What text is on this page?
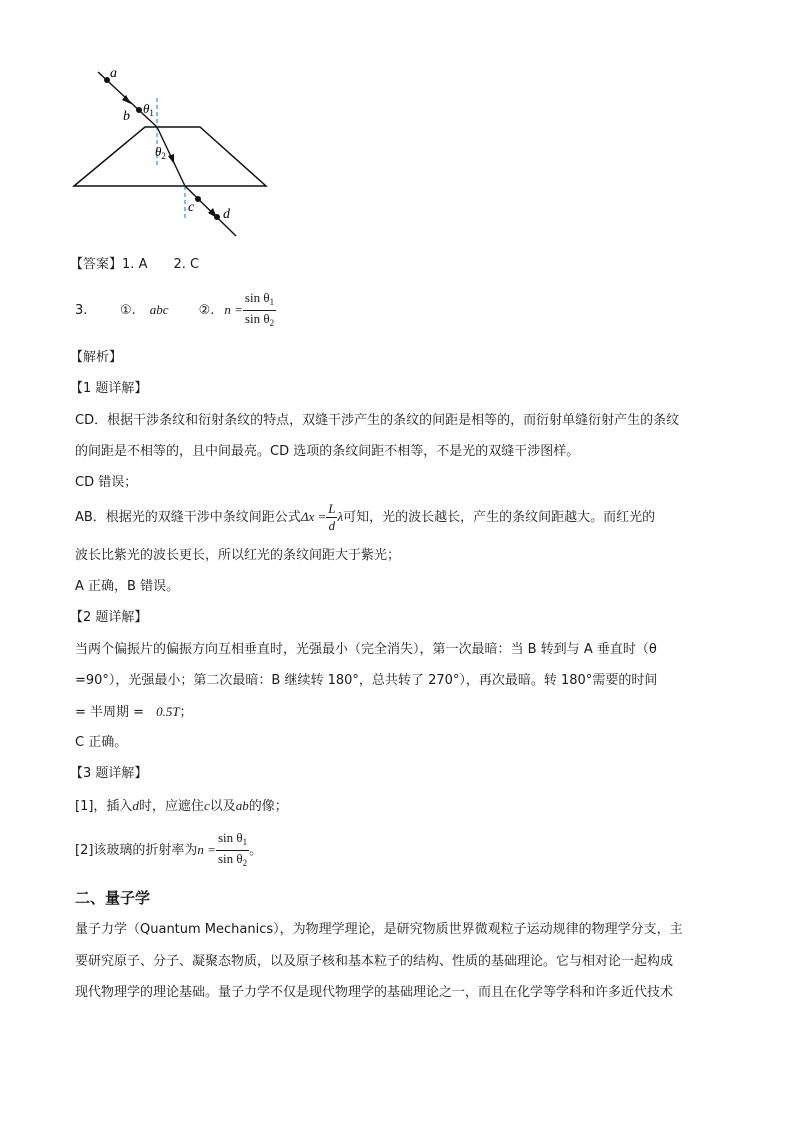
a
b
c d
$\theta_1$
$\theta_2$
【答案】1. A 2. C
3.	①. abc ②. $n = \frac{\sin \theta_1}{\sin \theta_2}$
【解析】
【1 题详解】
CD．根据干涉条纹和衍射条纹的特点，双缝干涉产生的条纹的间距是相等的，而衍射单缝衍射产生的条纹
的间距是不相等的，且中间最亮。CD 选项的条纹间距不相等，不是光的双缝干涉图样。
CD 错误；
AB．根据光的双缝干涉中条纹间距公式$\Delta x = \frac{L}{d}$ λ可知，光的波长越长，产生的条纹间距越大。而红光的
波长比紫光的波长更长，所以红光的条纹间距大于紫光；
A 正确，B 错误。
【2 题详解】
当两个偏振片的偏振方向互相垂直时，光强最小（完全消失），第一次最暗：当 B 转到与 A 垂直时（θ
=90°），光强最小；第二次最暗：B 继续转 180°，总共转了 270°），再次最暗。转 180°需要的时间
= 半周期 = 0.5T；
C 正确。
【3 题详解】
[1]，插入d时，应遮住c以及ab的像；
[2]该玻璃的折射率为$n = \frac{\sin \theta_1}{\sin \theta_2}$ 。
二、量子学
量子力学（Quantum Mechanics），为物理学理论，是研究物质世界微观粒子运动规律的物理学分支，主
要研究原子、分子、凝聚态物质，以及原子核和基本粒子的结构、性质的基础理论。它与相对论一起构成
现代物理学的理论基础。量子力学不仅是现代物理学的基础理论之一，而且在化学等学科和许多近代技术
